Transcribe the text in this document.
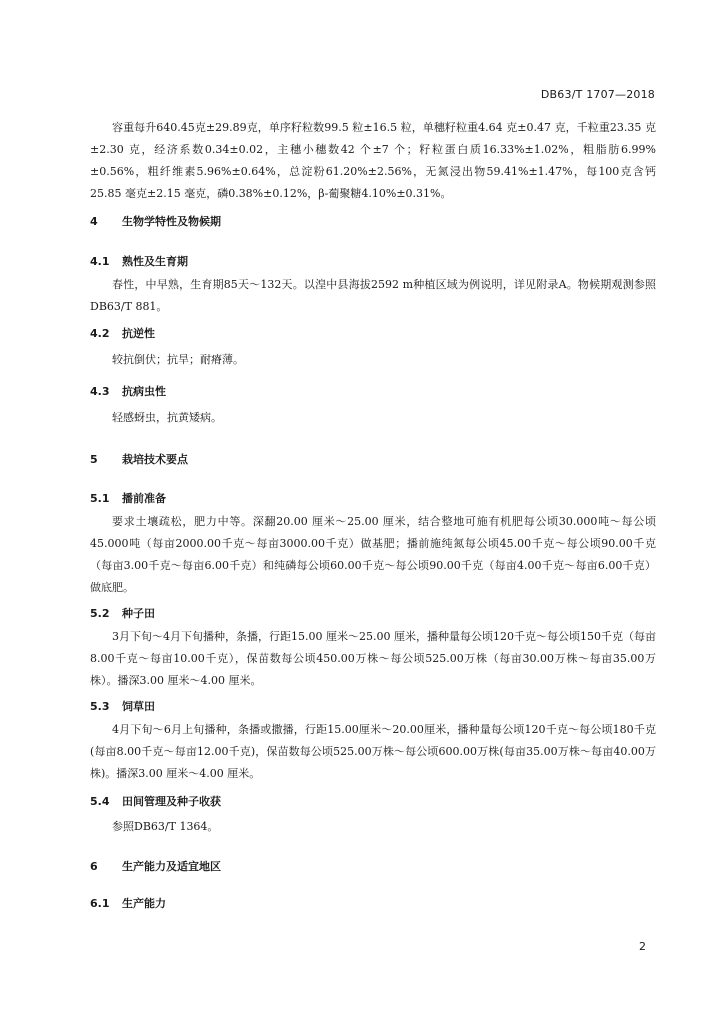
DB63/T 1707—2018

容重每升640.45克±29.89克，单序籽粒数99.5 粒±16.5 粒，单穗籽粒重4.64 克±0.47 克，千粒重23.35 克±2.30 克，经济系数0.34±0.02，主穗小穗数42 个±7 个；籽粒蛋白质16.33%±1.02%，粗脂肪6.99%±0.56%，粗纤维素5.96%±0.64%，总淀粉61.20%±2.56%，无氮浸出物59.41%±1.47%，每100克含钙25.85 毫克±2.15 毫克，磷0.38%±0.12%，β-葡聚糖4.10%±0.31%。

4 生物学特性及物候期
4.1 熟性及生育期

春性，中早熟，生育期85天～132天。以湟中县海拔2592 m种植区域为例说明，详见附录A。物候期观测参照DB63/T 881。

4.2 抗逆性

较抗倒伏；抗旱；耐瘠薄。

4.3 抗病虫性

轻感蚜虫，抗黄矮病。

5 栽培技术要点
5.1 播前准备

要求土壤疏松，肥力中等。深翻20.00 厘米～25.00 厘米，结合整地可施有机肥每公顷30.000吨～每公顷45.000吨（每亩2000.00千克～每亩3000.00千克）做基肥；播前施纯氮每公顷45.00千克～每公顷90.00千克（每亩3.00千克～每亩6.00千克）和纯磷每公顷60.00千克～每公顷90.00千克（每亩4.00千克～每亩6.00千克）做底肥。

5.2 种子田

3月下旬～4月下旬播种，条播，行距15.00 厘米～25.00 厘米，播种量每公顷120千克～每公顷150千克（每亩8.00千克～每亩10.00千克），保苗数每公顷450.00万株～每公顷525.00万株（每亩30.00万株～每亩35.00万株）。播深3.00 厘米～4.00 厘米。

5.3 饲草田

4月下旬～6月上旬播种，条播或撒播，行距15.00厘米～20.00厘米，播种量每公顷120千克～每公顷180千克(每亩8.00千克～每亩12.00千克)，保苗数每公顷525.00万株～每公顷600.00万株(每亩35.00万株～每亩40.00万株)。播深3.00 厘米～4.00 厘米。

5.4 田间管理及种子收获

参照DB63/T 1364。

6 生产能力及适宜地区
6.1 生产能力
2
